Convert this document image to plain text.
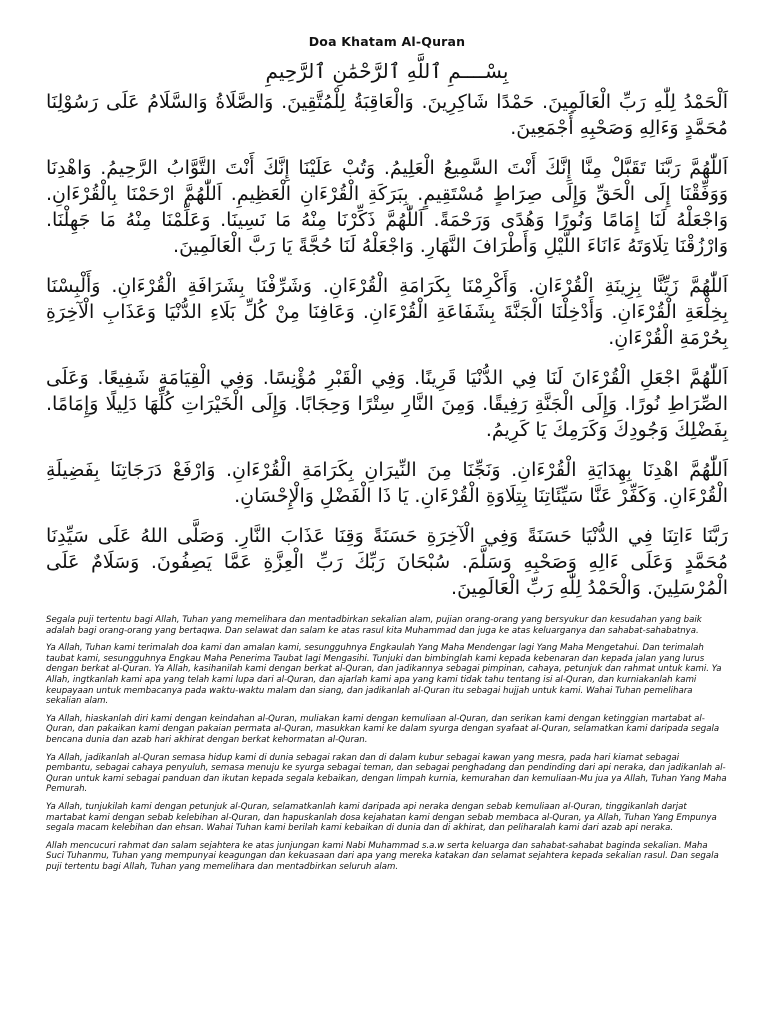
Doa Khatam Al-Quran

بِسْــــمِ ٱللَّهِ ٱلرَّحْمَٰنِ ٱلرَّحِيمِ

اَلْحَمْدُ لِلّٰهِ رَبِّ الْعَالَمِينَ. حَمْدًا شَاكِرِينَ. وَالْعَاقِبَةُ لِلْمُتَّقِينَ. وَالصَّلَاةُ وَالسَّلَامُ عَلَى رَسُوْلِنَا مُحَمَّدٍ وَءَالِهِ وَصَحْبِهِ أَجْمَعِينَ.

اَللّٰهُمَّ رَبَّنَا تَقَبَّلْ مِنَّا إِنَّكَ أَنْتَ السَّمِيعُ الْعَلِيمُ. وَتُبْ عَلَيْنَا إِنَّكَ أَنْتَ التَّوَّابُ الرَّحِيمُ. وَاهْدِنَا وَوَفِّقْنَا إِلَى الْحَقِّ وَإِلَى صِرَاطٍ مُسْتَقِيمٍ. بِبَرَكَةِ الْقُرْءَانِ الْعَظِيمِ. اَللّٰهُمَّ ارْحَمْنَا بِالْقُرْءَانِ. وَاجْعَلْهُ لَنَا إِمَامًا وَنُورًا وَهُدًى وَرَحْمَةً. اَللّٰهُمَّ ذَكِّرْنَا مِنْهُ مَا نَسِينَا. وَعَلِّمْنَا مِنْهُ مَا جَهِلْنَا. وَارْزُقْنَا تِلَاوَتَهُ ءَانَاءَ اللَّيْلِ وَأَطْرَافَ النَّهَارِ. وَاجْعَلْهُ لَنَا حُجَّةً يَا رَبَّ الْعَالَمِينَ.

اَللّٰهُمَّ زَيِّنَّا بِزِينَةِ الْقُرْءَانِ. وَأَكْرِمْنَا بِكَرَامَةِ الْقُرْءَانِ. وَشَرِّفْنَا بِشَرَافَةِ الْقُرْءَانِ. وَأَلْبِسْنَا بِخِلْعَةِ الْقُرْءَانِ. وَأَدْخِلْنَا الْجَنَّةَ بِشَفَاعَةِ الْقُرْءَانِ. وَعَافِنَا مِنْ كُلِّ بَلَاءِ الدُّنْيَا وَعَذَابِ الْآخِرَةِ بِحُرْمَةِ الْقُرْءَانِ.

اَللّٰهُمَّ اجْعَلِ الْقُرْءَانَ لَنَا فِي الدُّنْيَا قَرِينًا. وَفِي الْقَبْرِ مُؤْنِسًا. وَفِي الْقِيَامَةِ شَفِيعًا. وَعَلَى الصِّرَاطِ نُورًا. وَإِلَى الْجَنَّةِ رَفِيقًا. وَمِنَ النَّارِ سِتْرًا وَحِجَابًا. وَإِلَى الْخَيْرَاتِ كُلِّهَا دَلِيلًا وَإِمَامًا. بِفَضْلِكَ وَجُودِكَ وَكَرَمِكَ يَا كَرِيمُ.

اَللّٰهُمَّ اهْدِنَا بِهِدَايَةِ الْقُرْءَانِ. وَنَجِّنَا مِنَ النِّيرَانِ بِكَرَامَةِ الْقُرْءَانِ. وَارْفَعْ دَرَجَاتِنَا بِفَضِيلَةِ الْقُرْءَانِ. وَكَفِّرْ عَنَّا سَيِّئَاتِنَا بِتِلَاوَةِ الْقُرْءَانِ. يَا ذَا الْفَضْلِ وَالْإِحْسَانِ.

رَبَّنَا ءَاتِنَا فِي الدُّنْيَا حَسَنَةً وَفِي الْآخِرَةِ حَسَنَةً وَقِنَا عَذَابَ النَّارِ. وَصَلَّى اللهُ عَلَى سَيِّدِنَا مُحَمَّدٍ وَعَلَى ءَالِهِ وَصَحْبِهِ وَسَلَّمَ. سُبْحَانَ رَبِّكَ رَبِّ الْعِزَّةِ عَمَّا يَصِفُونَ. وَسَلَامٌ عَلَى الْمُرْسَلِينَ. وَالْحَمْدُ لِلّٰهِ رَبِّ الْعَالَمِينَ.

Segala puji tertentu bagi Allah, Tuhan yang memelihara dan mentadbirkan sekalian alam, pujian orang-orang yang bersyukur dan kesudahan yang baik adalah bagi orang-orang yang bertaqwa. Dan selawat dan salam ke atas rasul kita Muhammad dan juga ke atas keluarganya dan sahabat-sahabatnya.

Ya Allah, Tuhan kami terimalah doa kami dan amalan kami, sesungguhnya Engkaulah Yang Maha Mendengar lagi Yang Maha Mengetahui. Dan terimalah taubat kami, sesungguhnya Engkau Maha Penerima Taubat lagi Mengasihi. Tunjuki dan bimbinglah kami kepada kebenaran dan kepada jalan yang lurus dengan berkat al-Quran. Ya Allah, kasihanilah kami dengan berkat al-Quran, dan jadikannya sebagai pimpinan, cahaya, petunjuk dan rahmat untuk kami. Ya Allah, ingtkanlah kami apa yang telah kami lupa dari al-Quran, dan ajarlah kami apa yang kami tidak tahu tentang isi al-Quran, dan kurniakanlah kami keupayaan untuk membacanya pada waktu-waktu malam dan siang, dan jadikanlah al-Quran itu sebagai hujjah untuk kami. Wahai Tuhan pemelihara sekalian alam.

Ya Allah, hiaskanlah diri kami dengan keindahan al-Quran, muliakan kami dengan kemuliaan al-Quran, dan serikan kami dengan ketinggian martabat al-Quran, dan pakaikan kami dengan pakaian permata al-Quran, masukkan kami ke dalam syurga dengan syafaat al-Quran, selamatkan kami daripada segala bencana dunia dan azab hari akhirat dengan berkat kehormatan al-Quran.

Ya Allah, jadikanlah al-Quran semasa hidup kami di dunia sebagai rakan dan di dalam kubur sebagai kawan yang mesra, pada hari kiamat sebagai pembantu, sebagai cahaya penyuluh, semasa menuju ke syurga sebagai teman, dan sebagai penghadang dan pendinding dari api neraka, dan jadikanlah al-Quran untuk kami sebagai panduan dan ikutan kepada segala kebaikan, dengan limpah kurnia, kemurahan dan kemuliaan-Mu jua ya Allah, Tuhan Yang Maha Pemurah.

Ya Allah, tunjukilah kami dengan petunjuk al-Quran, selamatkanlah kami daripada api neraka dengan sebab kemuliaan al-Quran, tinggikanlah darjat martabat kami dengan sebab kelebihan al-Quran, dan hapuskanlah dosa kejahatan kami dengan sebab membaca al-Quran, ya Allah, Tuhan Yang Empunya segala macam kelebihan dan ehsan. Wahai Tuhan kami berilah kami kebaikan di dunia dan di akhirat, dan peliharalah kami dari azab api neraka.

Allah mencucuri rahmat dan salam sejahtera ke atas junjungan kami Nabi Muhammad s.a.w serta keluarga dan sahabat-sahabat baginda sekalian. Maha Suci Tuhanmu, Tuhan yang mempunyai keagungan dan kekuasaan dari apa yang mereka katakan dan selamat sejahtera kepada sekalian rasul. Dan segala puji tertentu bagi Allah, Tuhan yang memelihara dan mentadbirkan seluruh alam.
